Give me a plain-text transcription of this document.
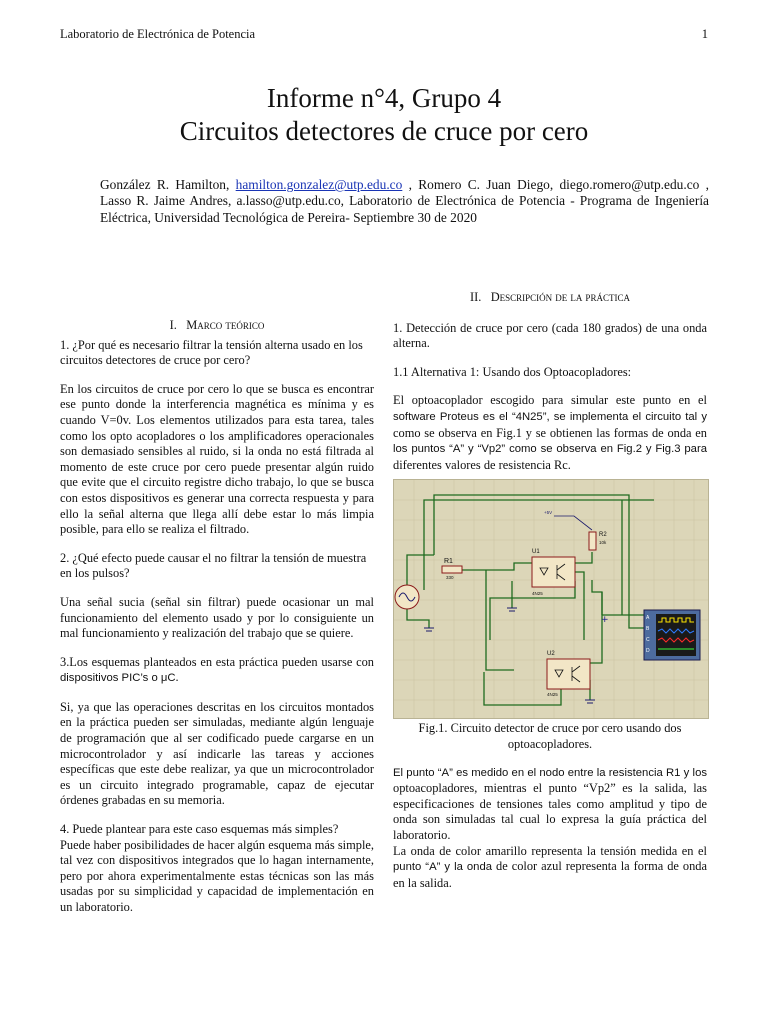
Laboratorio de Electrónica de Potencia	1
Informe n°4, Grupo 4
Circuitos detectores de cruce por cero
González R. Hamilton, hamilton.gonzalez@utp.edu.co , Romero C. Juan Diego, diego.romero@utp.edu.co , Lasso R. Jaime Andres, a.lasso@utp.edu.co, Laboratorio de Electrónica de Potencia - Programa de Ingeniería Eléctrica, Universidad Tecnológica de Pereira- Septiembre 30 de 2020
I. Marco teórico

1. ¿Por qué es necesario filtrar la tensión alterna usado en los circuitos detectores de cruce por cero?

En los circuitos de cruce por cero lo que se busca es encontrar ese punto donde la interferencia magnética es mínima y es cuando V=0v. Los elementos utilizados para esta tarea, tales como los opto acopladores o los amplificadores operacionales son demasiado sensibles al ruido, si la onda no está filtrada al momento de este cruce por cero puede presentar algún ruido que evite que el circuito registre dicho trabajo, lo que se busca con estos dispositivos es generar una correcta respuesta y para ello la señal alterna que llega allí debe estar lo más limpia posible, para ello se realiza el filtrado.

2. ¿Qué efecto puede causar el no filtrar la tensión de muestra en los pulsos?

Una señal sucia (señal sin filtrar) puede ocasionar un mal funcionamiento del elemento usado y por lo consiguiente un mal funcionamiento y realización del trabajo que se quiere.

3.Los esquemas planteados en esta práctica pueden usarse con dispositivos PIC’s o μC.

Si, ya que las operaciones descritas en los circuitos montados en la práctica pueden ser simuladas, mediante algún lenguaje de programación que al ser codificado puede cargarse en un microcontrolador y así indicarle las tareas y acciones específicas que este debe realizar, ya que un microcontrolador es un circuito integrado programable, capaz de ejecutar órdenes grabadas en su memoria.

4. Puede plantear para este caso esquemas más simples?

Puede haber posibilidades de hacer algún esquema más simple, tal vez con dispositivos integrados que lo hagan internamente, pero por ahora experimentalmente estas técnicas son las más usadas por su simplicidad y capacidad de implementación en un laboratorio.

II. Descripción de la práctica

1. Detección de cruce por cero (cada 180 grados) de una onda alterna.

1.1 Alternativa 1: Usando dos Optoacopladores:

El optoacoplador escogido para simular este punto en el software Proteus es el “4N25”, se implementa el circuito tal y como se observa en Fig.1 y se obtienen las formas de onda en los puntos “A” y “Vp2” como se observa en Fig.2 y Fig.3 para diferentes valores de resistencia Rc.

R1
330
R2
10k
+5V
U1
4N25
U2
4N25
+	A
B
C
D
Fig.1. Circuito detector de cruce por cero usando dos optoacopladores.

El punto “A” es medido en el nodo entre la resistencia R1 y los optoacopladores, mientras el punto “Vp2” es la salida, las especificaciones de tensiones tales como amplitud y tipo de onda son simuladas tal cual lo expresa la guía práctica del laboratorio.

La onda de color amarillo representa la tensión medida en el punto “A” y la onda de color azul representa la forma de onda en la salida.
